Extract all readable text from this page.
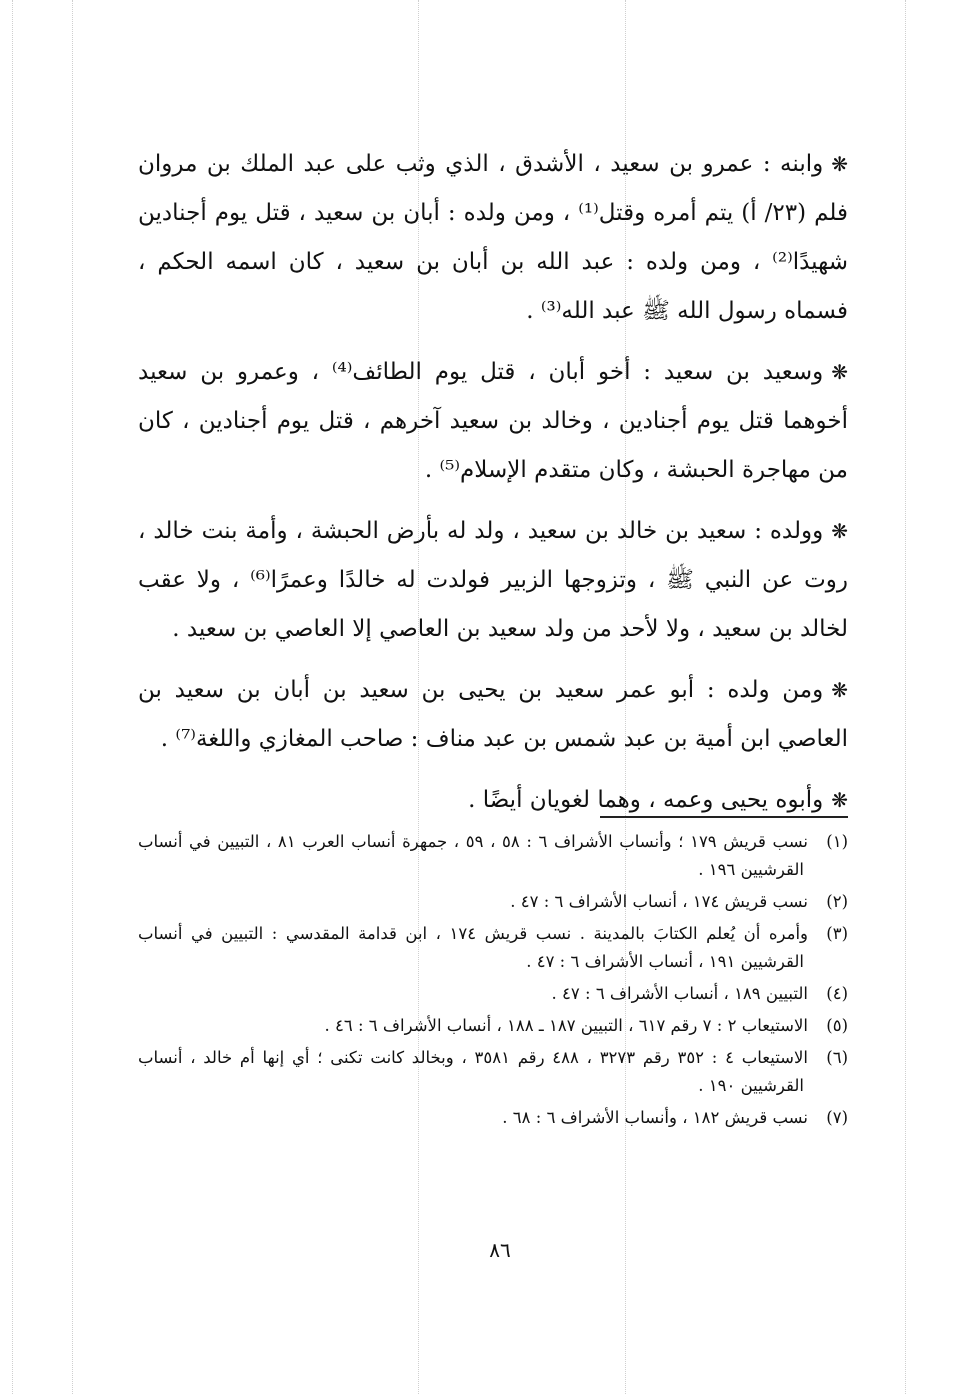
❋وابنه : عمرو بن سعيد ، الأشدق ، الذي وثب على عبد الملك بن مروان فلم (٢٣/ أ) يتم أمره وقتل⁽¹⁾ ، ومن ولده : أبان بن سعيد ، قتل يوم أجنادين شهيدًا⁽²⁾ ، ومن ولده : عبد الله بن أبان بن سعيد ، كان اسمه الحكم ، فسماه رسول الله ﷺ عبد الله⁽³⁾ .

❋وسعيد بن سعيد : أخو أبان ، قتل يوم الطائف⁽⁴⁾ ، وعمرو بن سعيد أخوهما قتل يوم أجنادين ، وخالد بن سعيد آخرهم ، قتل يوم أجنادين ، كان من مهاجرة الحبشة ، وكان متقدم الإسلام⁽⁵⁾ .

❋وولده : سعيد بن خالد بن سعيد ، ولد له بأرض الحبشة ، وأمة بنت خالد ، روت عن النبي ﷺ ، وتزوجها الزبير فولدت له خالدًا وعمرًا⁽⁶⁾ ، ولا عقب لخالد بن سعيد ، ولا لأحد من ولد سعيد بن العاصي إلا العاصي بن سعيد .

❋ومن ولده : أبو عمر سعيد بن يحيى بن سعيد بن أبان بن سعيد بن العاصي ابن أمية بن عبد شمس بن عبد مناف : صاحب المغازي واللغة⁽⁷⁾ .

❋وأبوه يحيى وعمه ، وهما لغويان أيضًا .

(١)نسب قريش ١٧٩ ؛ وأنساب الأشراف ٦ : ٥٨ ، ٥٩ ، جمهرة أنساب العرب ٨١ ، التبيين في أنساب القرشيين ١٩٦ .

(٢)نسب قريش ١٧٤ ، أنساب الأشراف ٦ : ٤٧ .

(٣)وأمره أن يُعلم الكتابَ بالمدينة . نسب قريش ١٧٤ ، ابن قدامة المقدسي : التبيين في أنساب القرشيين ١٩١ ، أنساب الأشراف ٦ : ٤٧ .

(٤)التبيين ١٨٩ ، أنساب الأشراف ٦ : ٤٧ .

(٥)الاستيعاب ٢ : ٧ رقم ٦١٧ ، التبيين ١٨٧ ـ ١٨٨ ، أنساب الأشراف ٦ : ٤٦ .

(٦)الاستيعاب ٤ : ٣٥٢ رقم ٣٢٧٣ ، ٤٨٨ رقم ٣٥٨١ ، وبخالد كانت تكنى ؛ أي إنها أم خالد ، أنساب القرشيين ١٩٠ .

(٧)نسب قريش ١٨٢ ، وأنساب الأشراف ٦ : ٦٨ .

٨٦
